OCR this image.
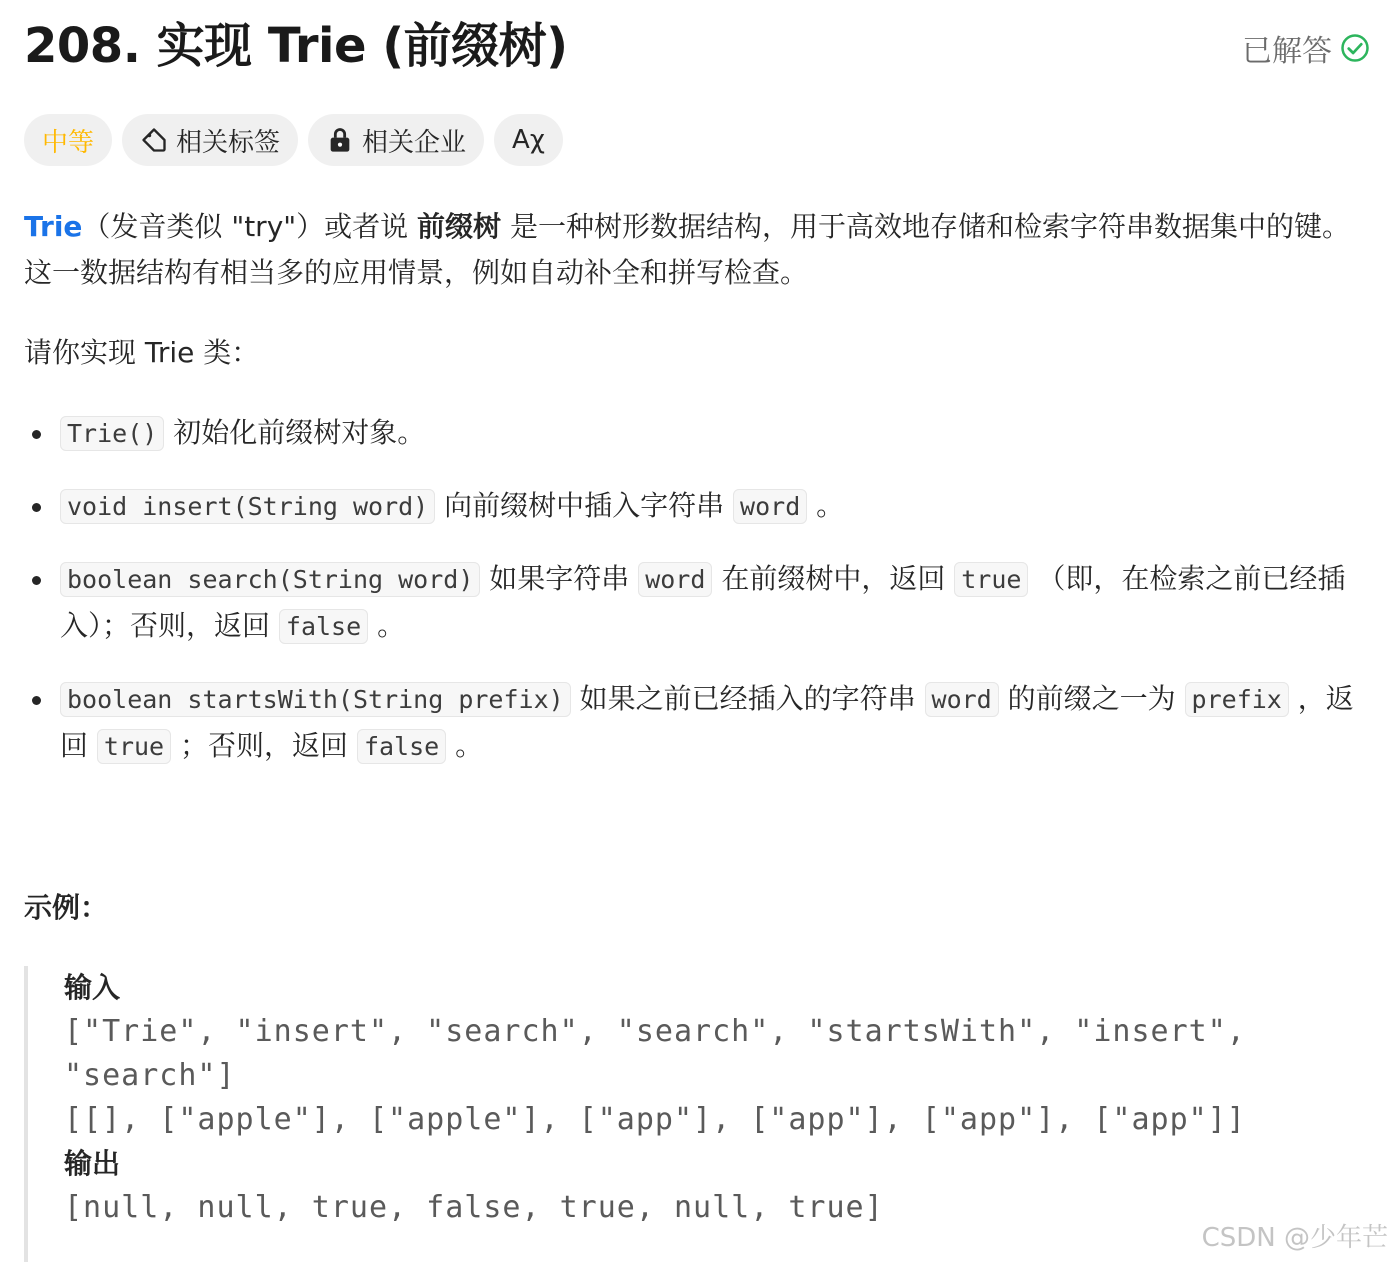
208. 实现 Trie (前缀树)	已解答
中等	相关标签	相关企业 Aχ

Trie（发音类似 "try"）或者说 前缀树 是一种树形数据结构，用于高效地存储和检索字符串数据集中的键。这一数据结构有相当多的应用情景，例如自动补全和拼写检查。

请你实现 Trie 类：

Trie() 初始化前缀树对象。
void insert(String word) 向前缀树中插入字符串 word 。
boolean search(String word) 如果字符串 word 在前缀树中，返回 true （即，在检索之前已经插入）；否则，返回 false 。
boolean startsWith(String prefix) 如果之前已经插入的字符串 word 的前缀之一为 prefix ，返回 true ；否则，返回 false 。

示例：

输入

["Trie", "insert", "search", "search", "startsWith", "insert", "search"]

[[], ["apple"], ["apple"], ["app"], ["app"], ["app"], ["app"]]

输出

[null, null, true, false, true, null, true]

CSDN @少年芒
